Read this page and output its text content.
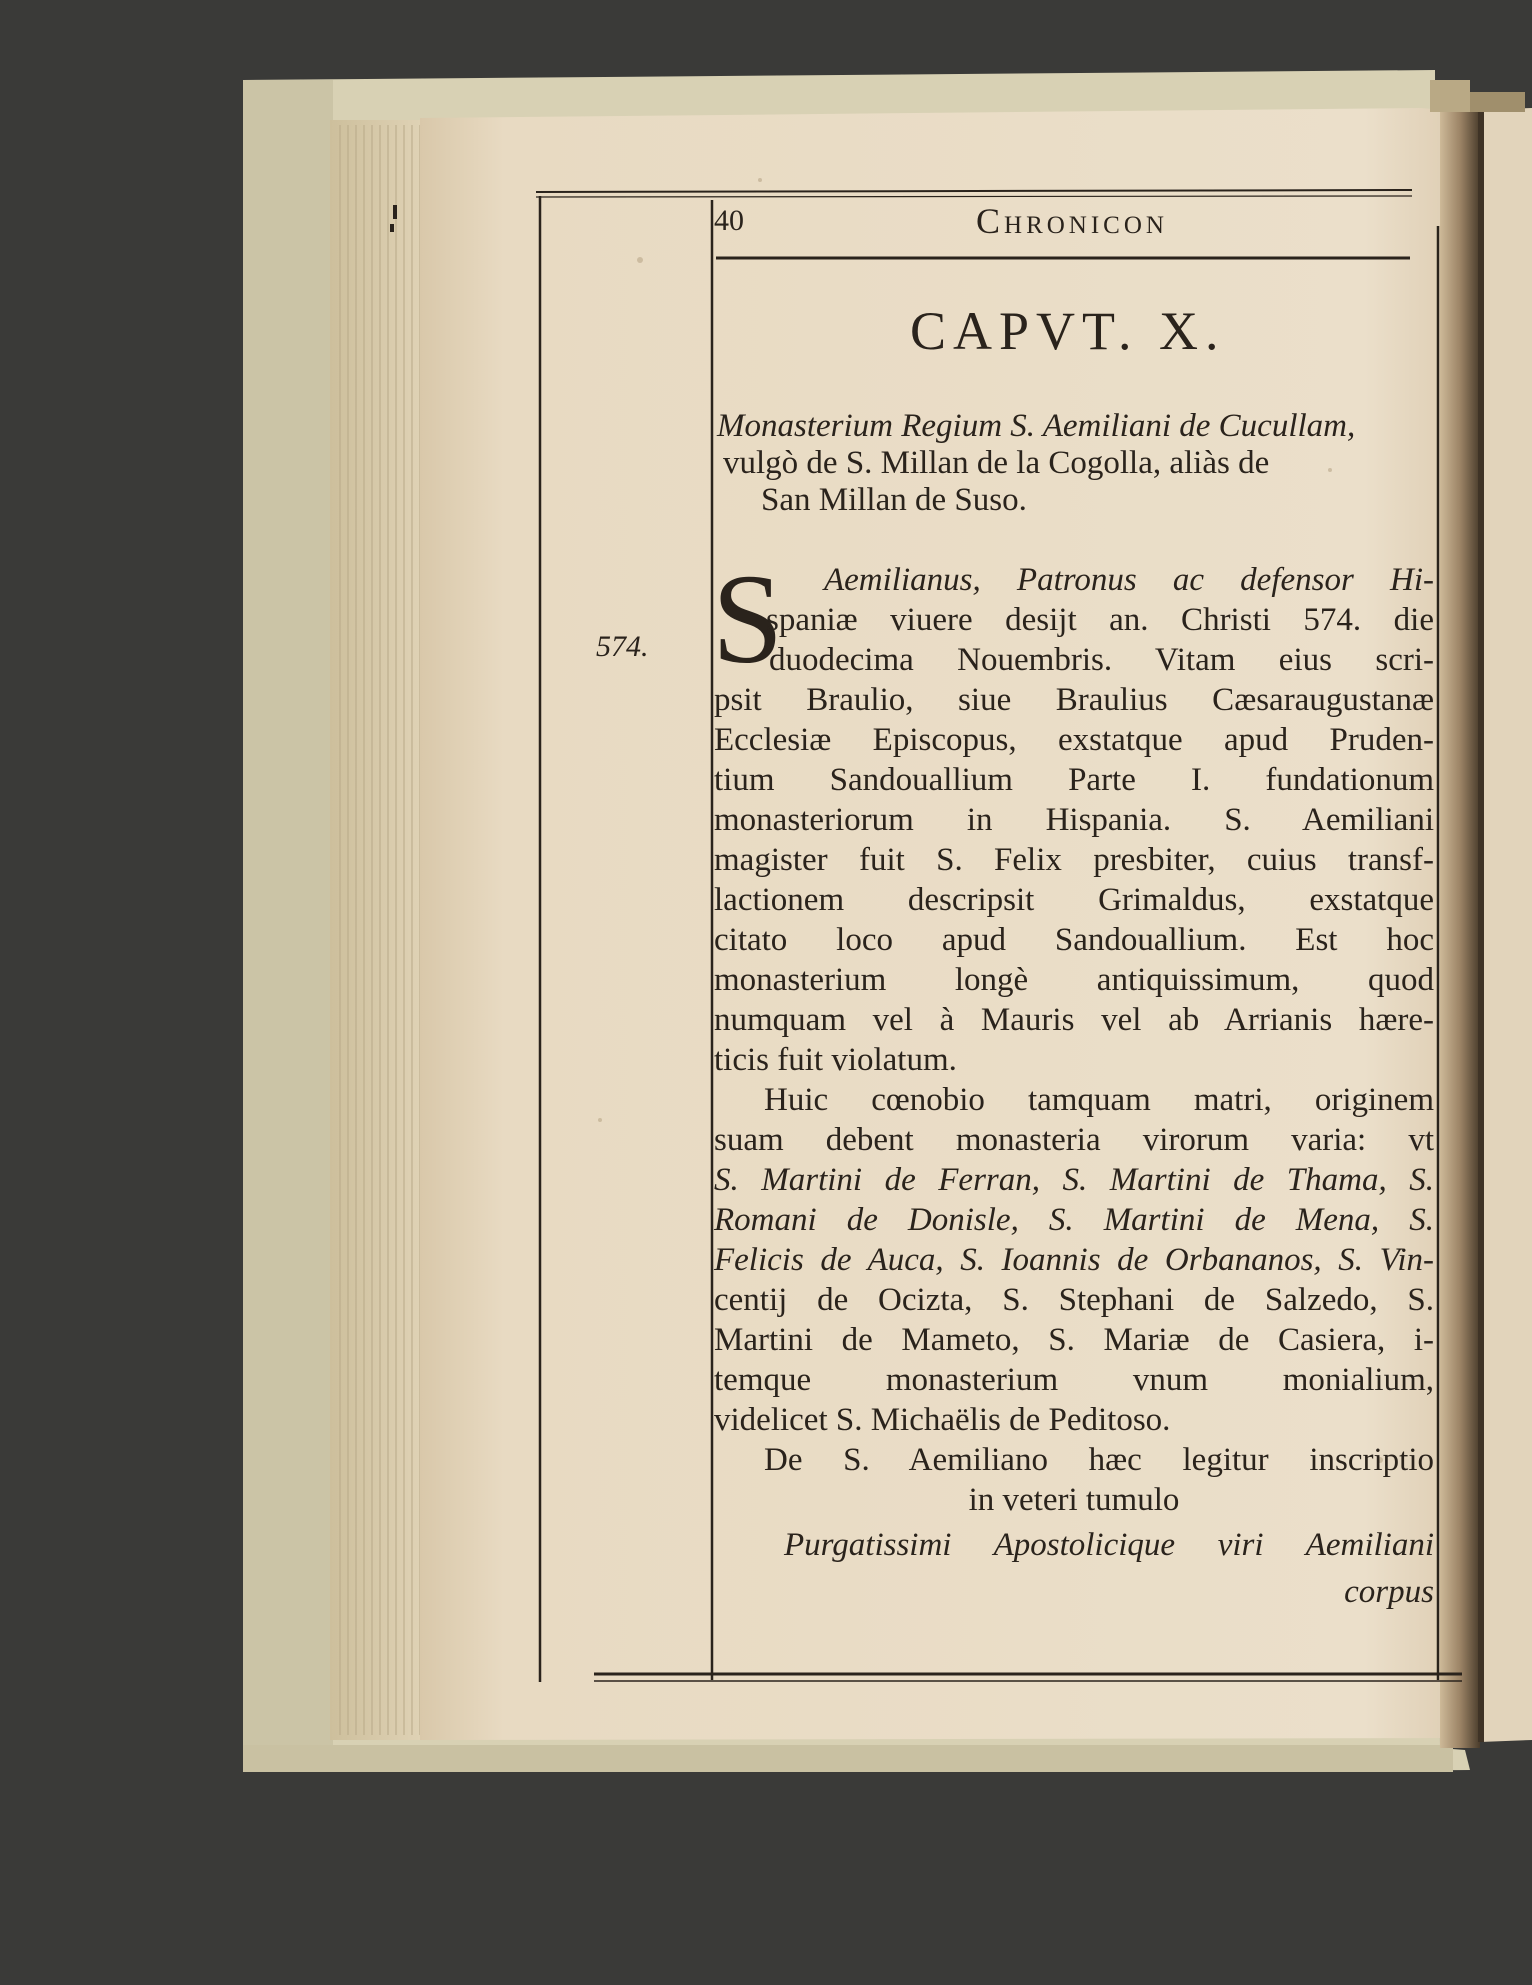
40	Chronicon
CAPVT. X.
Monasterium Regium S. Aemiliani de Cucullam,
vulgò de S. Millan de la Cogolla, aliàs de
San Millan de Suso.
574. S Aemilianus, Patronus ac defensor Hi-
spaniæ viuere desijt an. Christi 574. die
duodecima Nouembris. Vitam eius scri-
psit Braulio, siue Braulius Cæsaraugustanæ
Ecclesiæ Episcopus, exstatque apud Pruden-
tium Sandouallium Parte I. fundationum
monasteriorum in Hispania. S. Aemiliani
magister fuit S. Felix presbiter, cuius transf-
lactionem descripsit Grimaldus, exstatque
citato loco apud Sandouallium. Est hoc
monasterium longè antiquissimum, quod
numquam vel à Mauris vel ab Arrianis hære-
ticis fuit violatum.
Huic cœnobio tamquam matri, originem
suam debent monasteria virorum varia: vt
S. Martini de Ferran, S. Martini de Thama, S.
Romani de Donisle, S. Martini de Mena, S.
Felicis de Auca, S. Ioannis de Orbananos, S. Vin-
centij de Ocizta, S. Stephani de Salzedo, S.
Martini de Mameto, S. Mariæ de Casiera, i-
temque monasterium vnum monialium,
videlicet S. Michaëlis de Peditoso.
De S. Aemiliano hæc legitur inscriptio
in veteri tumulo
Purgatissimi Apostolicique viri Aemiliani
corpus
